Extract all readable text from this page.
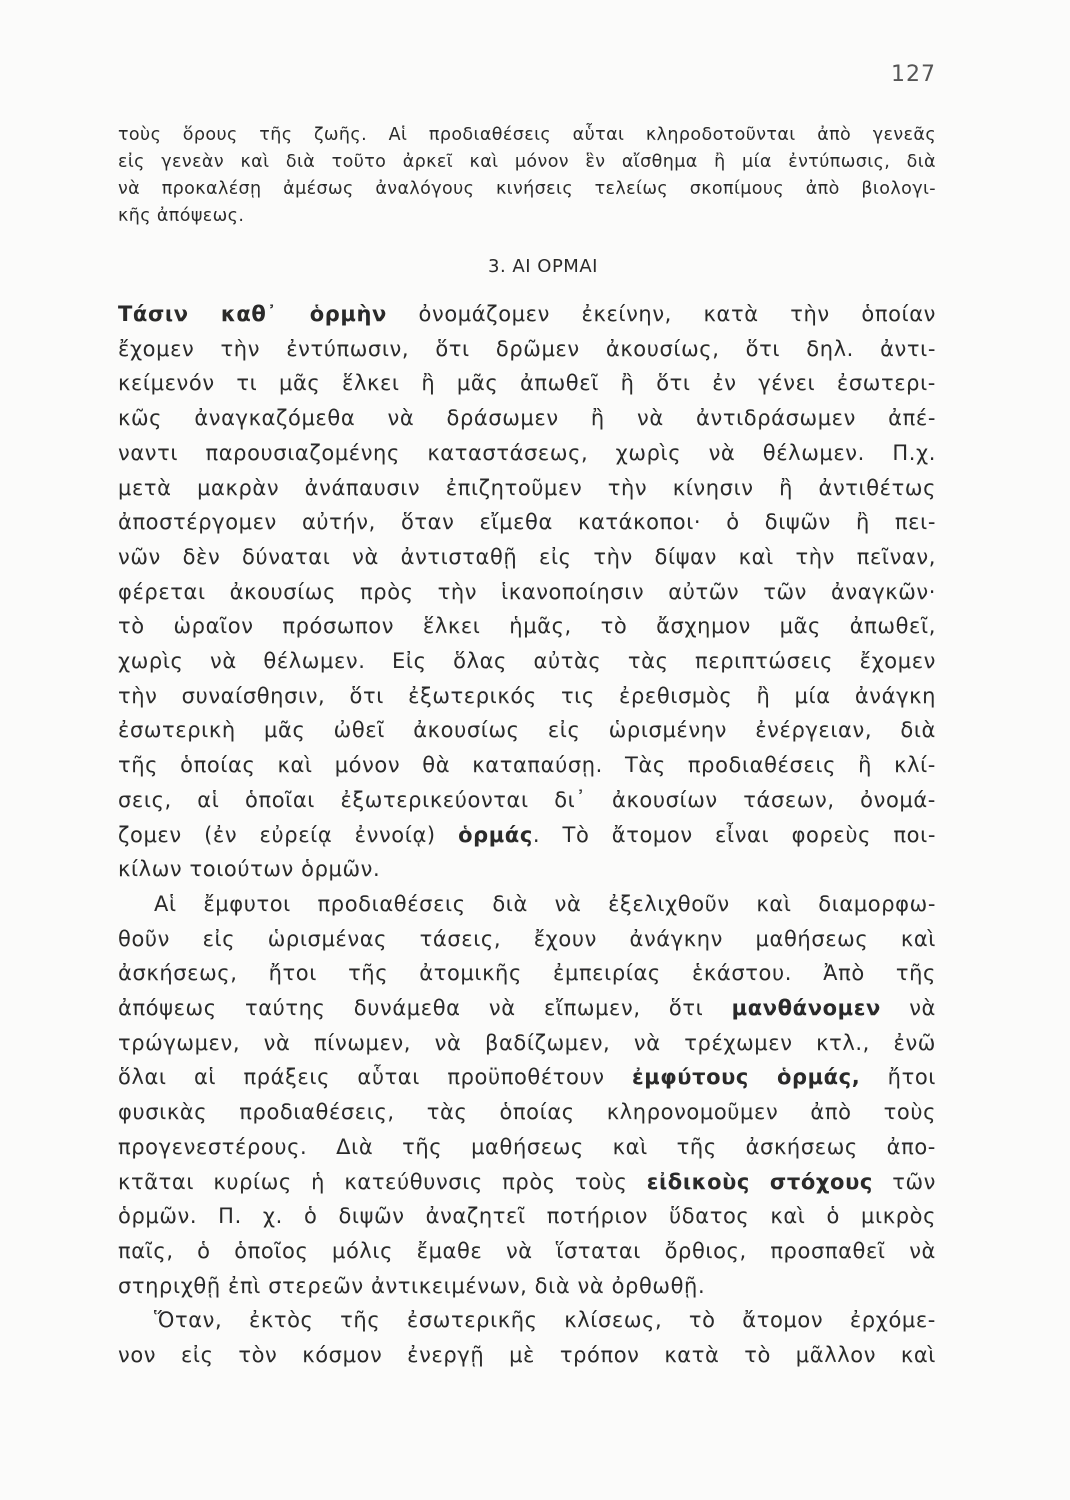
127
τοὺς ὅρους τῆς ζωῆς. Αἱ προδιαθέσεις αὗται κληροδοτοῦνται ἀπὸ γενεᾶς
εἰς γενεὰν καὶ διὰ τοῦτο ἀρκεῖ καὶ μόνον ἓν αἴσθημα ἢ μία ἐντύπωσις, διὰ
νὰ προκαλέσῃ ἀμέσως ἀναλόγους κινήσεις τελείως σκοπίμους ἀπὸ βιολογι-
κῆς ἀπόψεως.
3. ΑΙ ΟΡΜΑΙ
Τάσιν καθ᾽ ὁρμὴν ὀνομάζομεν ἐκείνην, κατὰ τὴν ὁποίαν
ἔχομεν τὴν ἐντύπωσιν, ὅτι δρῶμεν ἀκουσίως, ὅτι δηλ. ἀντι-
κείμενόν τι μᾶς ἕλκει ἢ μᾶς ἀπωθεῖ ἢ ὅτι ἐν γένει ἐσωτερι-
κῶς ἀναγκαζόμεθα νὰ δράσωμεν ἢ νὰ ἀντιδράσωμεν ἀπέ-
ναντι παρουσιαζομένης καταστάσεως, χωρὶς νὰ θέλωμεν. Π.χ.
μετὰ μακρὰν ἀνάπαυσιν ἐπιζητοῦμεν τὴν κίνησιν ἢ ἀντιθέτως
ἀποστέργομεν αὐτήν, ὅταν εἴμεθα κατάκοποι· ὁ διψῶν ἢ πει-
νῶν δὲν δύναται νὰ ἀντισταθῇ εἰς τὴν δίψαν καὶ τὴν πεῖναν,
φέρεται ἀκουσίως πρὸς τὴν ἱκανοποίησιν αὐτῶν τῶν ἀναγκῶν·
τὸ ὡραῖον πρόσωπον ἕλκει ἡμᾶς, τὸ ἄσχημον μᾶς ἀπωθεῖ,
χωρὶς νὰ θέλωμεν. Εἰς ὅλας αὐτὰς τὰς περιπτώσεις ἔχομεν
τὴν συναίσθησιν, ὅτι ἐξωτερικός τις ἐρεθισμὸς ἢ μία ἀνάγκη
ἐσωτερικὴ μᾶς ὠθεῖ ἀκουσίως εἰς ὡρισμένην ἐνέργειαν, διὰ
τῆς ὁποίας καὶ μόνον θὰ καταπαύσῃ. Τὰς προδιαθέσεις ἢ κλί-
σεις, αἱ ὁποῖαι ἐξωτερικεύονται δι᾽ ἀκουσίων τάσεων, ὀνομά-
ζομεν (ἐν εὐρείᾳ ἐννοίᾳ) ὁρμάς. Τὸ ἄτομον εἶναι φορεὺς ποι-
κίλων τοιούτων ὁρμῶν.
Αἱ ἔμφυτοι προδιαθέσεις διὰ νὰ ἐξελιχθοῦν καὶ διαμορφω-
θοῦν εἰς ὡρισμένας τάσεις, ἔχουν ἀνάγκην μαθήσεως καὶ
ἀσκήσεως, ἤτοι τῆς ἀτομικῆς ἐμπειρίας ἑκάστου. Ἀπὸ τῆς
ἀπόψεως ταύτης δυνάμεθα νὰ εἴπωμεν, ὅτι μανθάνομεν νὰ
τρώγωμεν, νὰ πίνωμεν, νὰ βαδίζωμεν, νὰ τρέχωμεν κτλ., ἐνῶ
ὅλαι αἱ πράξεις αὗται προϋποθέτουν ἐμφύτους ὁρμάς, ἤτοι
φυσικὰς προδιαθέσεις, τὰς ὁποίας κληρονομοῦμεν ἀπὸ τοὺς
προγενεστέρους. Διὰ τῆς μαθήσεως καὶ τῆς ἀσκήσεως ἀπο-
κτᾶται κυρίως ἡ κατεύθυνσις πρὸς τοὺς εἰδικοὺς στόχους τῶν
ὁρμῶν. Π. χ. ὁ διψῶν ἀναζητεῖ ποτήριον ὕδατος καὶ ὁ μικρὸς
παῖς, ὁ ὁποῖος μόλις ἔμαθε νὰ ἵσταται ὄρθιος, προσπαθεῖ νὰ
στηριχθῇ ἐπὶ στερεῶν ἀντικειμένων, διὰ νὰ ὀρθωθῇ.
Ὅταν, ἐκτὸς τῆς ἐσωτερικῆς κλίσεως, τὸ ἄτομον ἐρχόμε-
νον εἰς τὸν κόσμον ἐνεργῇ μὲ τρόπον κατὰ τὸ μᾶλλον καὶ
